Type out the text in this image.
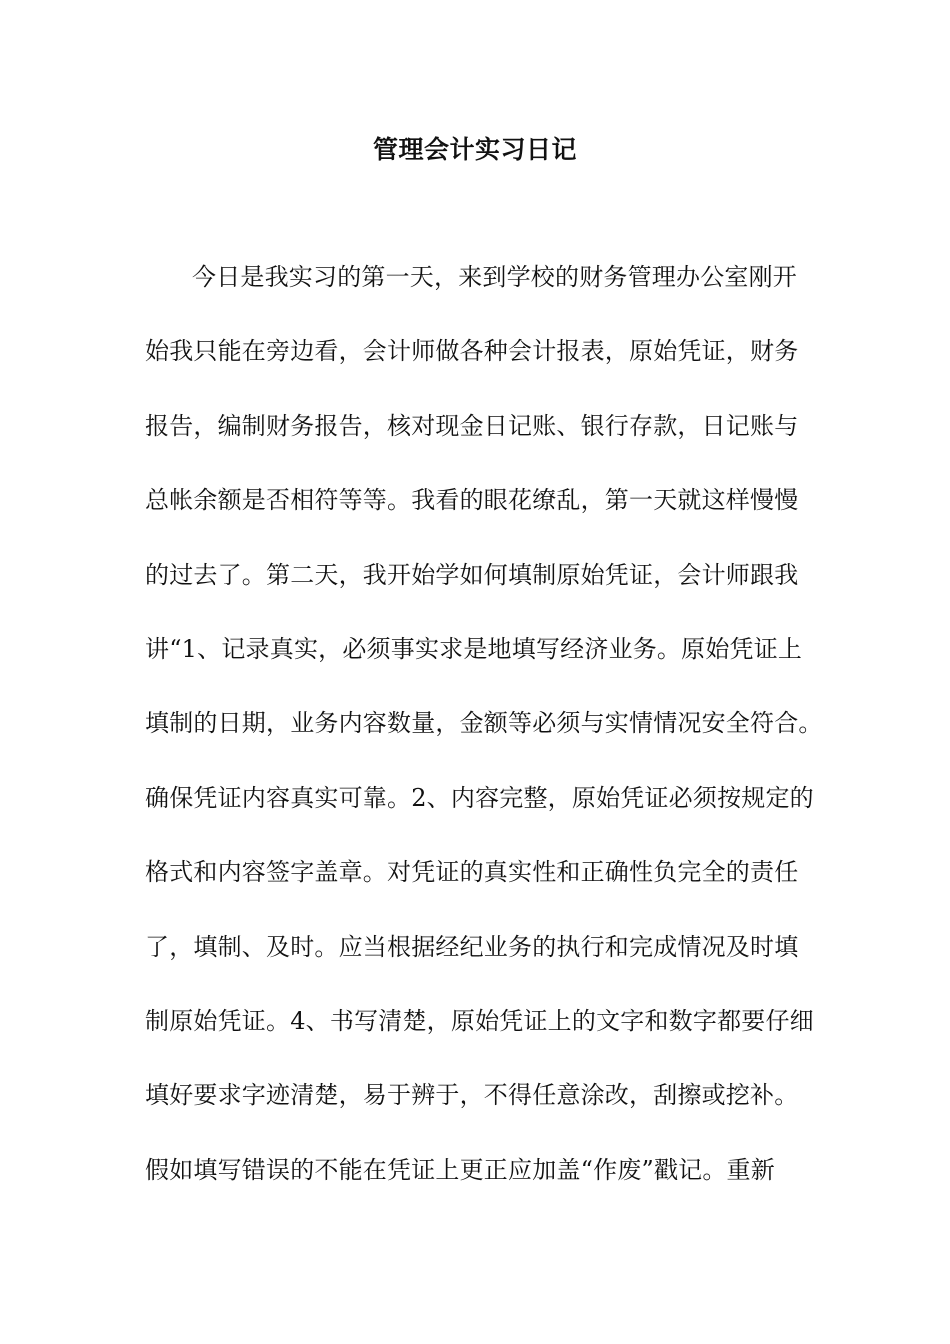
管理会计实习日记
今日是我实习的第一天，来到学校的财务管理办公室刚开
始我只能在旁边看，会计师做各种会计报表，原始凭证，财务
报告，编制财务报告，核对现金日记账、银行存款，日记账与
总帐余额是否相符等等。我看的眼花缭乱，第一天就这样慢慢
的过去了。第二天，我开始学如何填制原始凭证，会计师跟我
讲“1、记录真实，必须事实求是地填写经济业务。原始凭证上
填制的日期，业务内容数量，金额等必须与实情情况安全符合。
确保凭证内容真实可靠。2、内容完整，原始凭证必须按规定的
格式和内容签字盖章。对凭证的真实性和正确性负完全的责任
了，填制、及时。应当根据经纪业务的执行和完成情况及时填
制原始凭证。4、书写清楚，原始凭证上的文字和数字都要仔细
填好要求字迹清楚，易于辨于，不得任意涂改，刮擦或挖补。
假如填写错误的不能在凭证上更正应加盖“作废”戳记。重新
